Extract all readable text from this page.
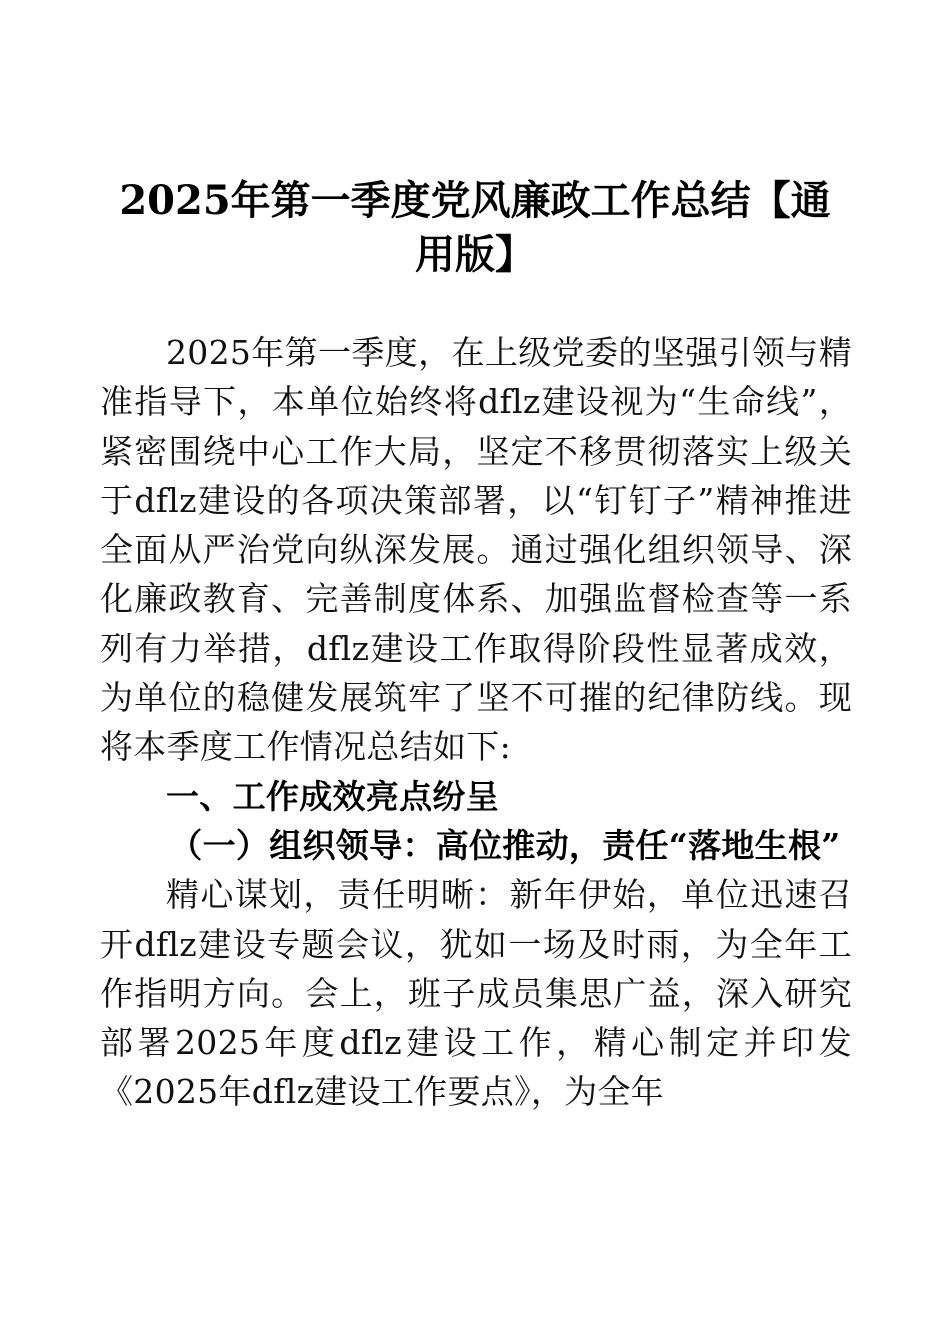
2025年第一季度党风廉政工作总结【通用版】

2025年第一季度，在上级党委的坚强引领与精准指导下，本单位始终将dflz建设视为“生命线”，紧密围绕中心工作大局，坚定不移贯彻落实上级关于dflz建设的各项决策部署，以“钉钉子”精神推进全面从严治党向纵深发展。通过强化组织领导、深化廉政教育、完善制度体系、加强监督检查等一系列有力举措，dflz建设工作取得阶段性显著成效，为单位的稳健发展筑牢了坚不可摧的纪律防线。现将本季度工作情况总结如下:

一、工作成效亮点纷呈

（一）组织领导：高位推动，责任“落地生根”

精心谋划，责任明晰：新年伊始，单位迅速召开dflz建设专题会议，犹如一场及时雨，为全年工作指明方向。会上，班子成员集思广益，深入研究部署2025年度dflz建设工作，精心制定并印发《2025年dflz建设工作要点》，为全年
